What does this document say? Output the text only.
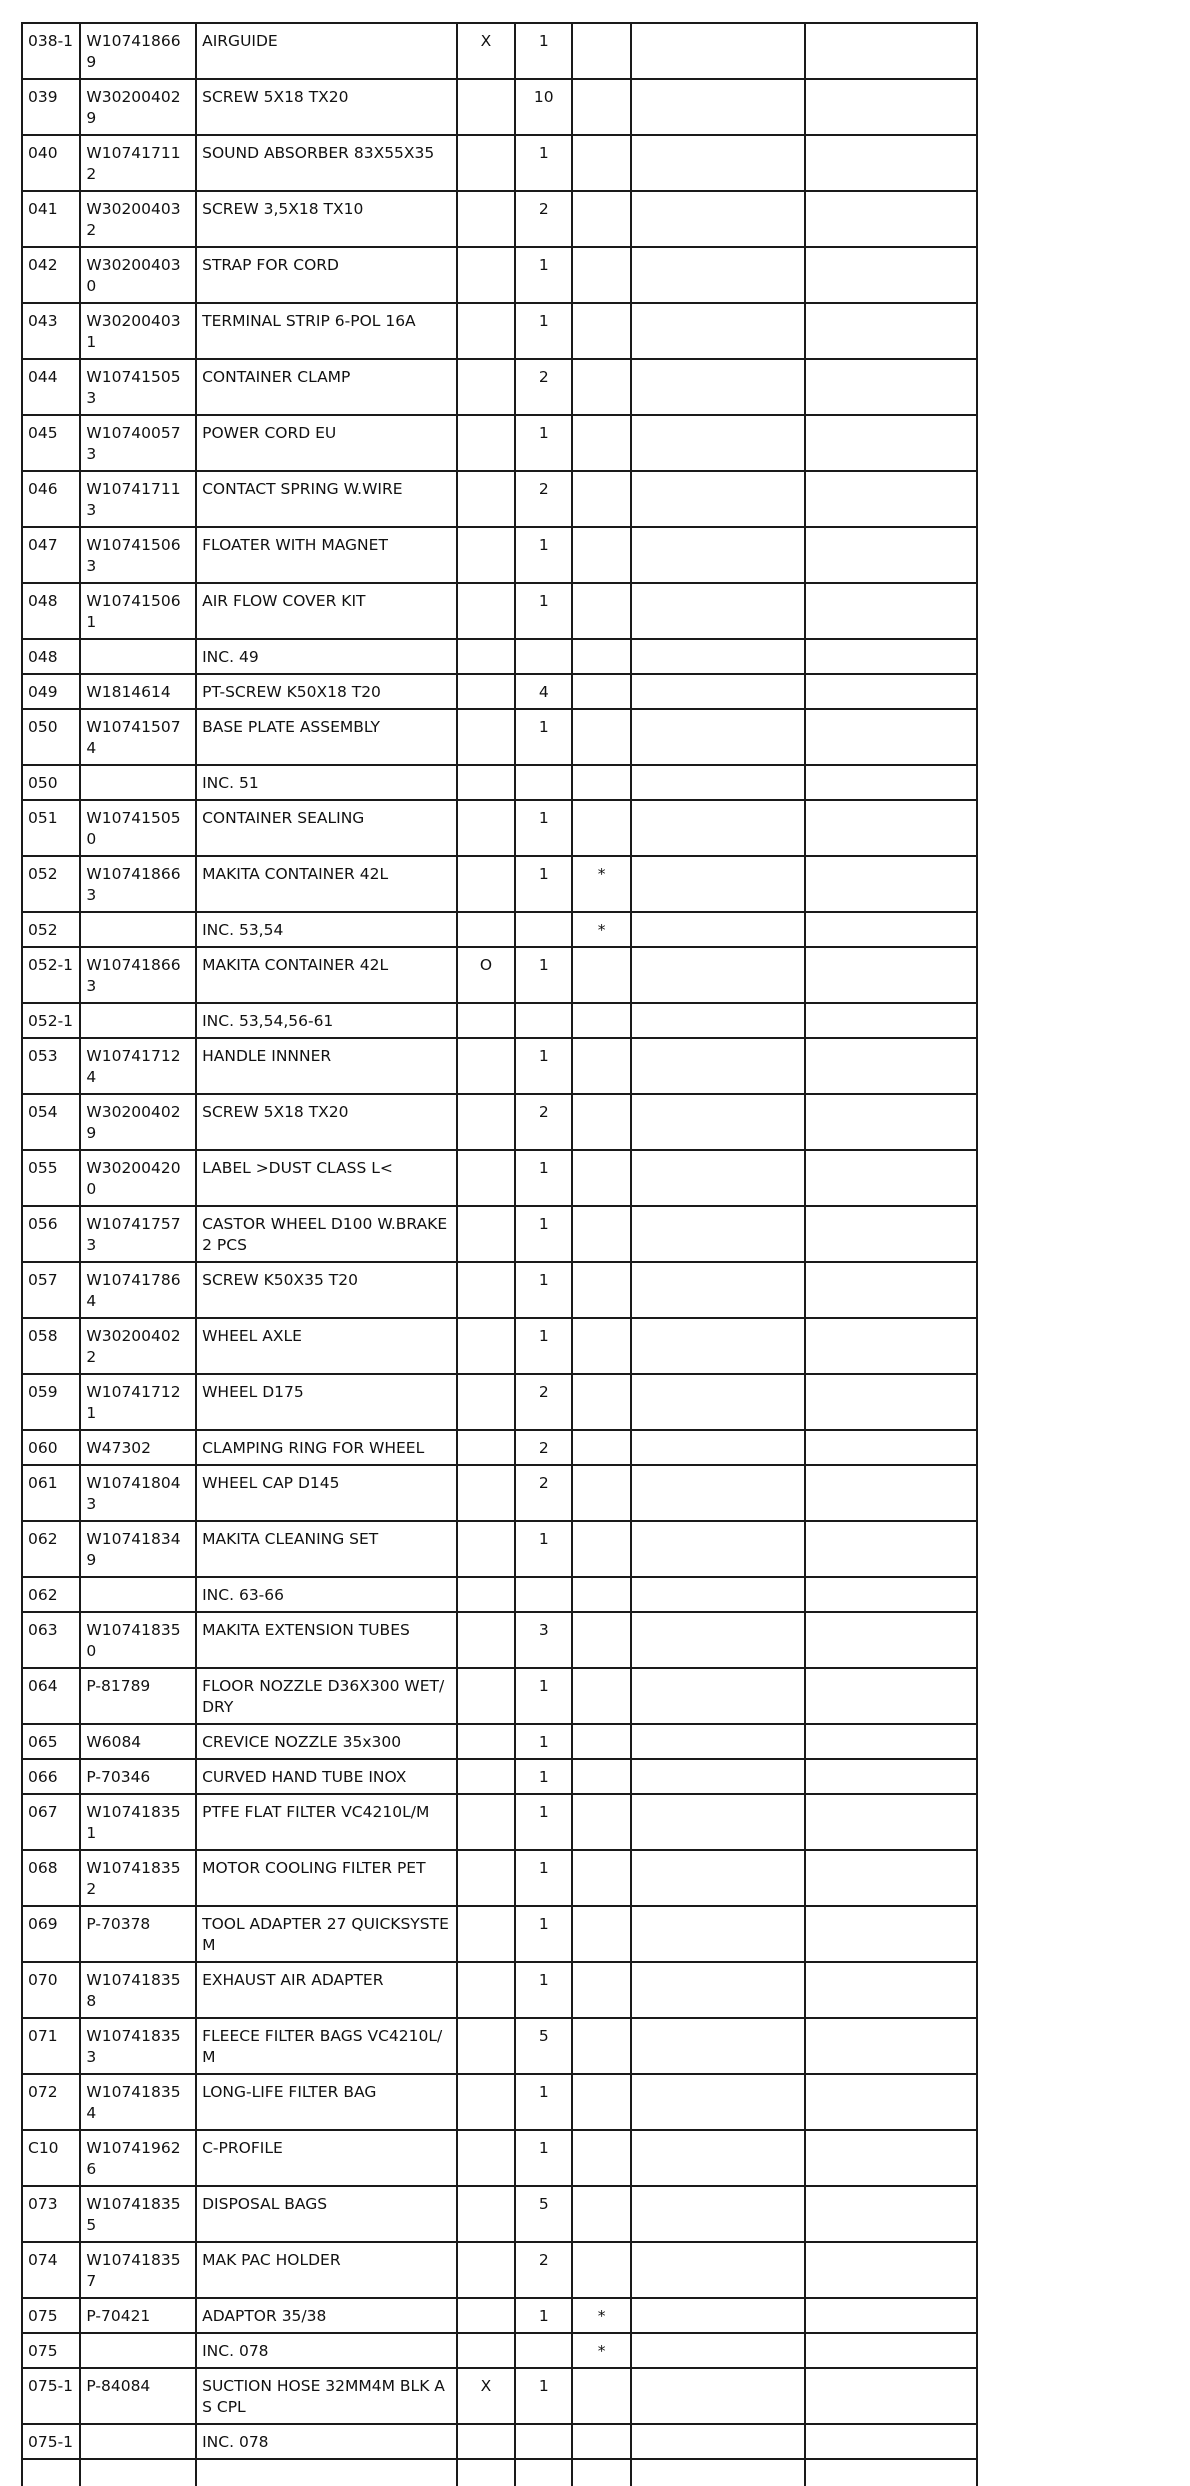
038-1	W107418669	AIRGUIDE	X	1			
039	W302004029	SCREW 5X18 TX20		10			
040	W107417112	SOUND ABSORBER 83X55X35		1			
041	W302004032	SCREW 3,5X18 TX10		2			
042	W302004030	STRAP FOR CORD		1			
043	W302004031	TERMINAL STRIP 6-POL 16A		1			
044	W107415053	CONTAINER CLAMP		2			
045	W107400573	POWER CORD EU		1			
046	W107417113	CONTACT SPRING W.WIRE		2			
047	W107415063	FLOATER WITH MAGNET		1			
048	W107415061	AIR FLOW COVER KIT		1			
048		INC. 49					
049	W1814614	PT-SCREW K50X18 T20		4			
050	W107415074	BASE PLATE ASSEMBLY		1			
050		INC. 51					
051	W107415050	CONTAINER SEALING		1			
052	W107418663	MAKITA CONTAINER 42L		1	*		
052		INC. 53,54			*		
052-1	W107418663	MAKITA CONTAINER 42L	O	1			
052-1		INC. 53,54,56-61					
053	W107417124	HANDLE INNNER		1			
054	W302004029	SCREW 5X18 TX20		2			
055	W302004200	LABEL >DUST CLASS L<		1			
056	W107417573	CASTOR WHEEL D100 W.BRAKE 2 PCS		1			
057	W107417864	SCREW K50X35 T20		1			
058	W302004022	WHEEL AXLE		1			
059	W107417121	WHEEL D175		2			
060	W47302	CLAMPING RING FOR WHEEL		2			
061	W107418043	WHEEL CAP D145		2			
062	W107418349	MAKITA CLEANING SET		1			
062		INC. 63-66					
063	W107418350	MAKITA EXTENSION TUBES		3			
064	P-81789	FLOOR NOZZLE D36X300 WET/DRY		1			
065	W6084	CREVICE NOZZLE 35x300		1			
066	P-70346	CURVED HAND TUBE INOX		1			
067	W107418351	PTFE FLAT FILTER VC4210L/M		1			
068	W107418352	MOTOR COOLING FILTER PET		1			
069	P-70378	TOOL ADAPTER 27 QUICKSYSTEM		1			
070	W107418358	EXHAUST AIR ADAPTER		1			
071	W107418353	FLEECE FILTER BAGS VC4210L/M		5			
072	W107418354	LONG-LIFE FILTER BAG		1			
C10	W107419626	C-PROFILE		1			
073	W107418355	DISPOSAL BAGS		5			
074	W107418357	MAK PAC HOLDER		2			
075	P-70421	ADAPTOR 35/38		1	*		
075		INC. 078			*		
075-1	P-84084	SUCTION HOSE 32MM4M BLK AS CPL	X	1			
075-1		INC. 078					
